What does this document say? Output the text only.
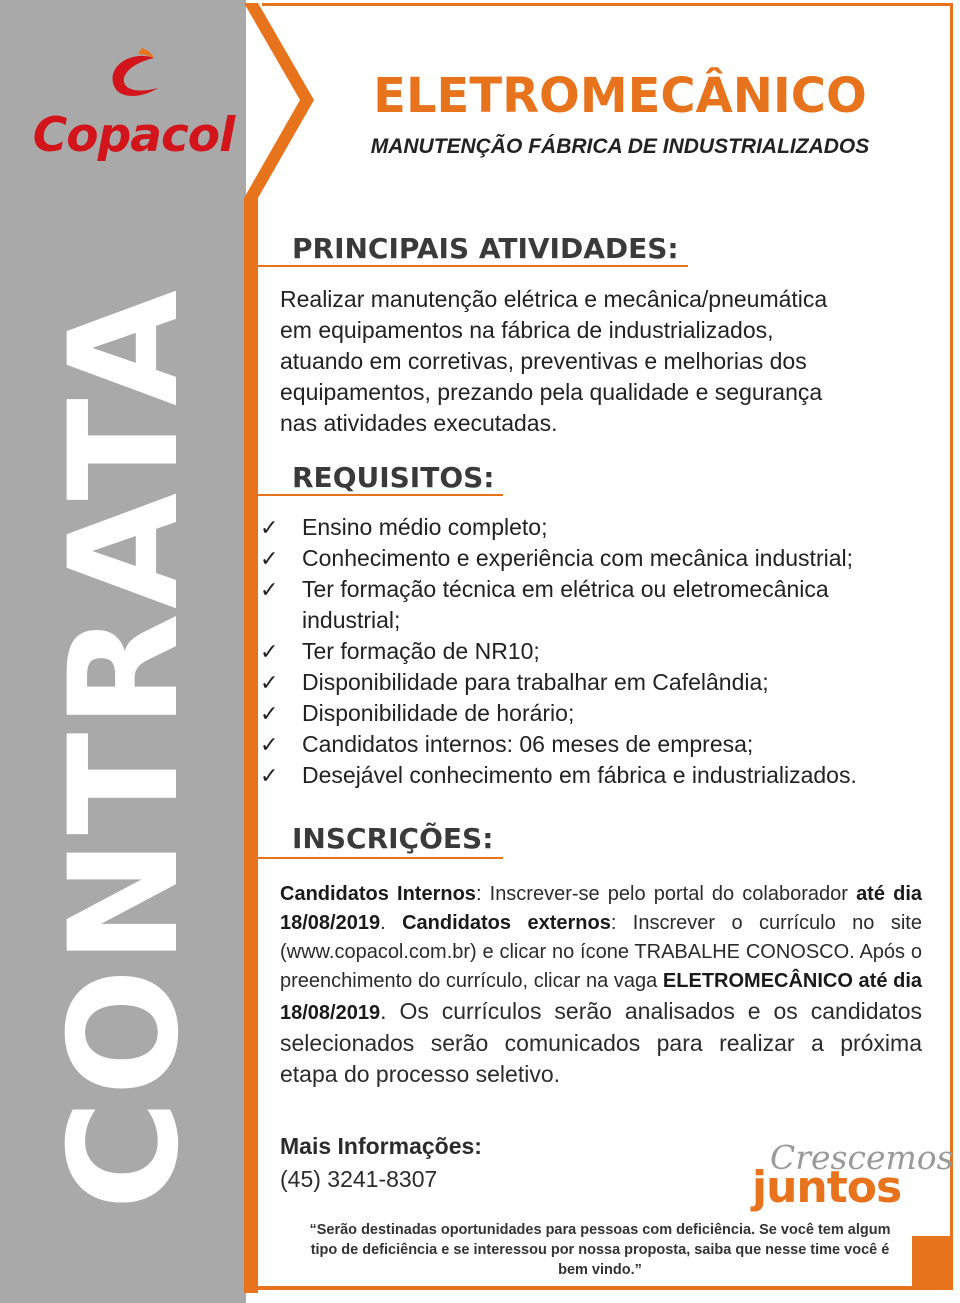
Copacol
CONTRATA
ELETROMECÂNICO
MANUTENÇÃO FÁBRICA DE INDUSTRIALIZADOS
PRINCIPAIS ATIVIDADES:
Realizar manutenção elétrica e mecânica/pneumática
em equipamentos na fábrica de industrializados,
atuando em corretivas, preventivas e melhorias dos
equipamentos, prezando pela qualidade e segurança
nas atividades executadas.
REQUISITOS:
✓	Ensino médio completo;
✓	Conhecimento e experiência com mecânica industrial;
✓	Ter formação técnica em elétrica ou eletromecânica industrial;
✓	Ter formação de NR10;
✓	Disponibilidade para trabalhar em Cafelândia;
✓	Disponibilidade de horário;
✓	Candidatos internos: 06 meses de empresa;
✓	Desejável conhecimento em fábrica e industrializados.
INSCRIÇÕES:
Candidatos Internos: Inscrever-se pelo portal do colaborador até dia 18/08/2019. Candidatos externos: Inscrever o currículo no site (www.copacol.com.br) e clicar no ícone TRABALHE CONOSCO. Após o preenchimento do currículo, clicar na vaga ELETROMECÂNICO até dia 18/08/2019. Os currículos serão analisados e os candidatos selecionados serão comunicados para realizar a próxima etapa do processo seletivo.
Mais Informações:
(45) 3241-8307
Crescemos
juntos
“Serão destinadas oportunidades para pessoas com deficiência. Se você tem algum tipo de deficiência e se interessou por nossa proposta, saiba que nesse time você é bem vindo.”
